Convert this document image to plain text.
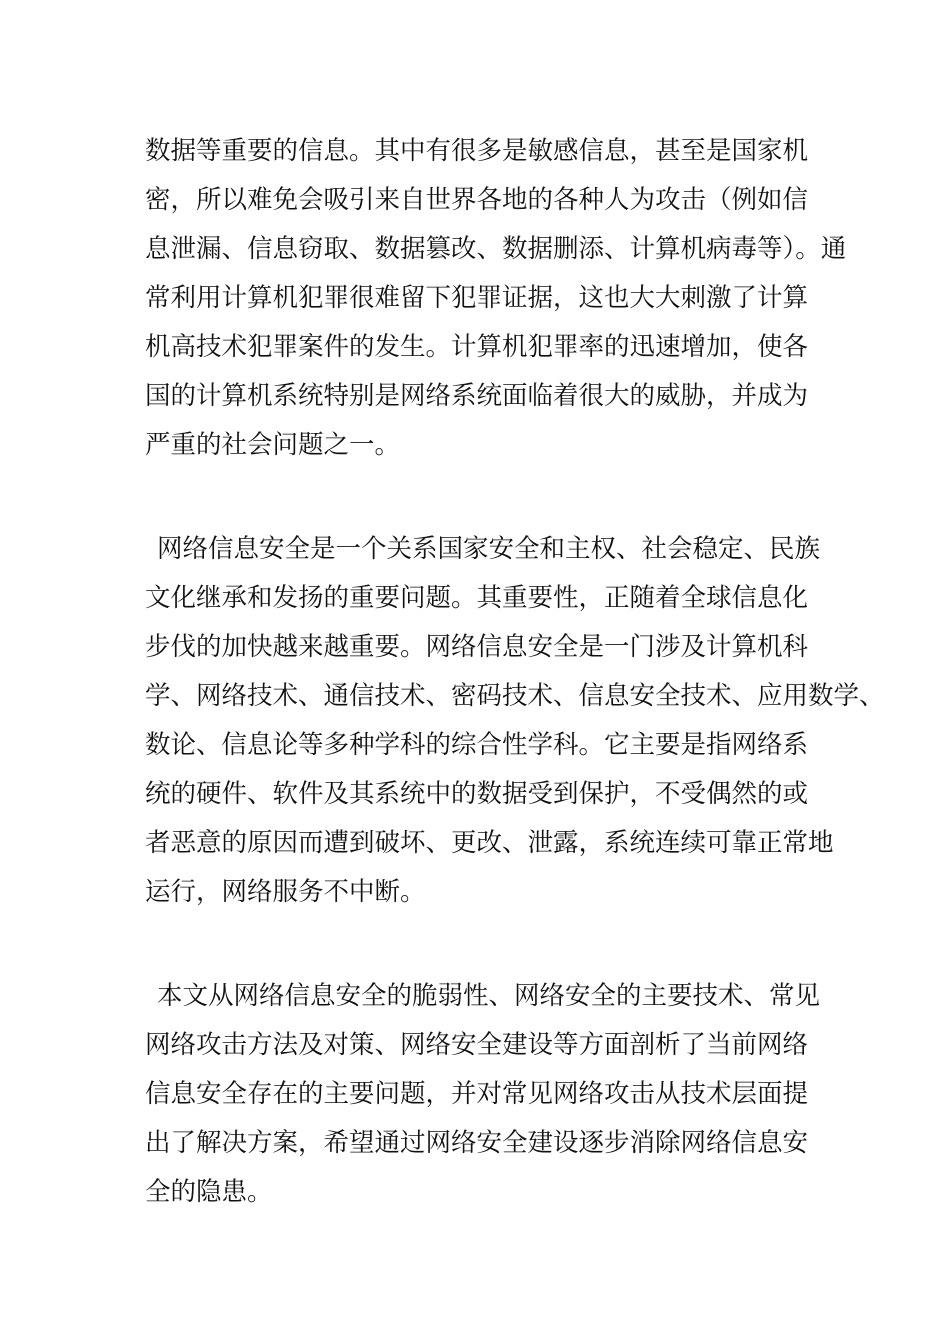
数据等重要的信息。其中有很多是敏感信息，甚至是国家机
密，所以难免会吸引来自世界各地的各种人为攻击（例如信
息泄漏、信息窃取、数据篡改、数据删添、计算机病毒等）。通
常利用计算机犯罪很难留下犯罪证据，这也大大刺激了计算
机高技术犯罪案件的发生。计算机犯罪率的迅速增加，使各
国的计算机系统特别是网络系统面临着很大的威胁，并成为
严重的社会问题之一。
网络信息安全是一个关系国家安全和主权、社会稳定、民族
文化继承和发扬的重要问题。其重要性，正随着全球信息化
步伐的加快越来越重要。网络信息安全是一门涉及计算机科
学、网络技术、通信技术、密码技术、信息安全技术、应用数学、
数论、信息论等多种学科的综合性学科。它主要是指网络系
统的硬件、软件及其系统中的数据受到保护，不受偶然的或
者恶意的原因而遭到破坏、更改、泄露，系统连续可靠正常地
运行，网络服务不中断。
本文从网络信息安全的脆弱性、网络安全的主要技术、常见
网络攻击方法及对策、网络安全建设等方面剖析了当前网络
信息安全存在的主要问题，并对常见网络攻击从技术层面提
出了解决方案，希望通过网络安全建设逐步消除网络信息安
全的隐患。
